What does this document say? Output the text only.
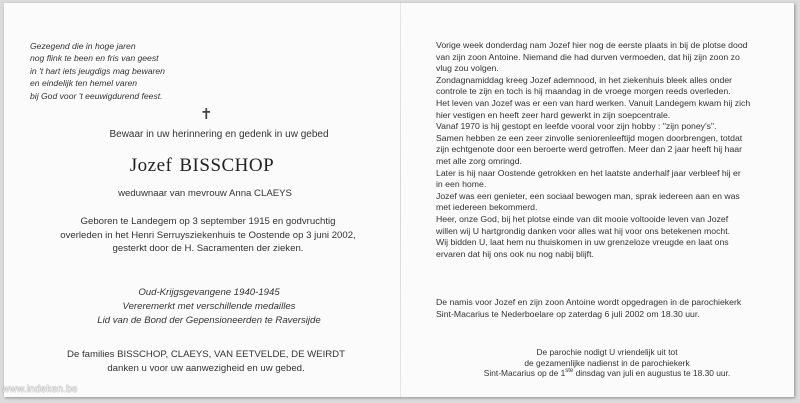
Gezegend die in hoge jaren
nog flink te been en fris van geest
in 't hart iets jeugdigs mag bewaren
en eindelijk ten hemel varen
bij God voor 't eeuwigdurend feest.
✝
Bewaar in uw herinnering en gedenk in uw gebed
Jozef BISSCHOP
weduwnaar van mevrouw Anna CLAEYS
Geboren te Landegem op 3 september 1915 en godvruchtig
overleden in het Henri Serruysziekenhuis te Oostende op 3 juni 2002,
gesterkt door de H. Sacramenten der zieken.
Oud-Krijgsgevangene 1940-1945
Vereremerkt met verschillende medailles
Lid van de Bond der Gepensioneerden te Raversijde
De families BISSCHOP, CLAEYS, VAN EETVELDE, DE WEIRDT
danken u voor uw aanwezigheid en uw gebed.
Vorige week donderdag nam Jozef hier nog de eerste plaats in bij de plotse dood
van zijn zoon Antoine. Niemand die had durven vermoeden, dat hij zijn zoon zo
vlug zou volgen.
Zondagnamiddag kreeg Jozef ademnood, in het ziekenhuis bleek alles onder
controle te zijn en toch is hij maandag in de vroege morgen reeds overleden.
Het leven van Jozef was er een van hard werken. Vanuit Landegem kwam hij zich
hier vestigen en heeft zeer hard gewerkt in zijn soepcentrale.
Vanaf 1970 is hij gestopt en leefde vooral voor zijn hobby : "zijn poney's".
Samen hebben ze een zeer zinvolle seniorenleeftijd mogen doorbrengen, totdat
zijn echtgenote door een beroerte werd getroffen. Meer dan 2 jaar heeft hij haar
met alle zorg omringd.
Later is hij naar Oostende getrokken en het laatste anderhalf jaar verbleef hij er
in een home.
Jozef was een genieter, een sociaal bewogen man, sprak iedereen aan en was
met iedereen bekommerd.
Heer, onze God, bij het plotse einde van dit mooie voltooide leven van Jozef
willen wij U hartgrondig danken voor alles wat hij voor ons betekenen mocht.
Wij bidden U, laat hem nu thuiskomen in uw grenzeloze vreugde en laat ons
ervaren dat hij ons ook nu nog nabij blijft.
De namis voor Jozef en zijn zoon Antoine wordt opgedragen in de parochiekerk
Sint-Macarius te Nederboelare op zaterdag 6 juli 2002 om 18.30 uur.
De parochie nodigt U vriendelijk uit tot
de gezamenlijke nadienst in de parochiekerk
Sint-Macarius op de 1ste dinsdag van juli en augustus te 18.30 uur.
www.indeken.be
